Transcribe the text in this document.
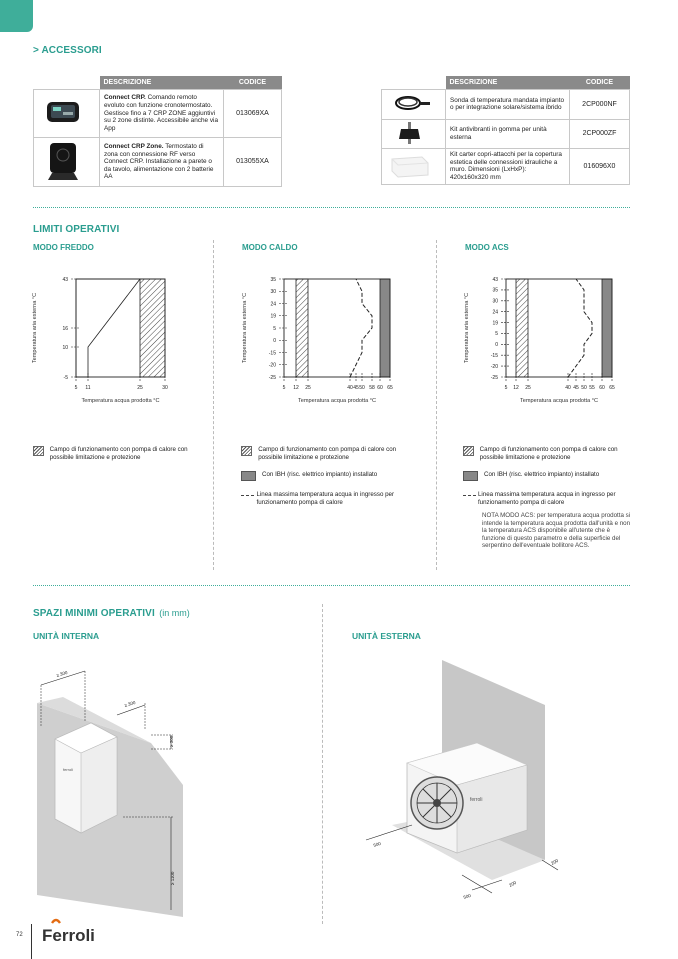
> ACCESSORI
	DESCRIZIONE	CODICE
	Connect CRP. Comando remoto evoluto con funzione cronotermostato. Gestisce fino a 7 CRP ZONE aggiuntivi su 2 zone distinte. Accessibile anche via App	013069XA
	Connect CRP Zone. Termostato di zona con connessione RF verso Connect CRP. Installazione a parete o da tavolo, alimentazione con 2 batterie AA	013055XA
	DESCRIZIONE	CODICE
	Sonda di temperatura mandata impianto o per integrazione solare/sistema ibrido	2CP000NF
	Kit antivibranti in gomma per unità esterna	2CP000ZF
	Kit carter copri-attacchi per la copertura estetica delle connessioni idrauliche a muro. Dimensioni (LxHxP): 420x160x320 mm	016096X0
LIMITI OPERATIVI
MODO FREDDO	MODO CALDO	MODO ACS
-5
10
16
43
5 11	25	30
Temperatura acqua prodotta °C
Temperatura aria esterna °C
-25
-20
-15
0
5
19
24
30
35
5 12 25	40 45 50 58 60 65
Temperatura acqua prodotta °C
Temperatura aria esterna °C
-25
-20
-15
0
5
19
24
30
35
43
5 12 25	40 45 50 55 60 65
Temperatura acqua prodotta °C
Temperatura aria esterna °C
Campo di funzionamento con pompa di calore con possibile limitazione e protezione
Campo di funzionamento con pompa di calore con possibile limitazione e protezione
Con IBH (risc. elettrico impianto) installato
Linea massima temperatura acqua in ingresso per funzionamento pompa di calore
Campo di funzionamento con pompa di calore con possibile limitazione e protezione
Con IBH (risc. elettrico impianto) installato
Linea massima temperatura acqua in ingresso per funzionamento pompa di calore
NOTA MODO ACS: per temperatura acqua prodotta si intende la temperatura acqua prodotta dall'unità e non la temperatura ACS disponibile all'utente che è funzione di questo parametro e della superficie del serpentino dell'eventuale bollitore ACS.
SPAZI MINIMI OPERATIVI (in mm)
UNITÀ INTERNA	UNITÀ ESTERNA
ferroli
≥ 300
≥ 300
≥ 300
≥ 1100
ferroli
500
200
500
200
72 Ferroli
